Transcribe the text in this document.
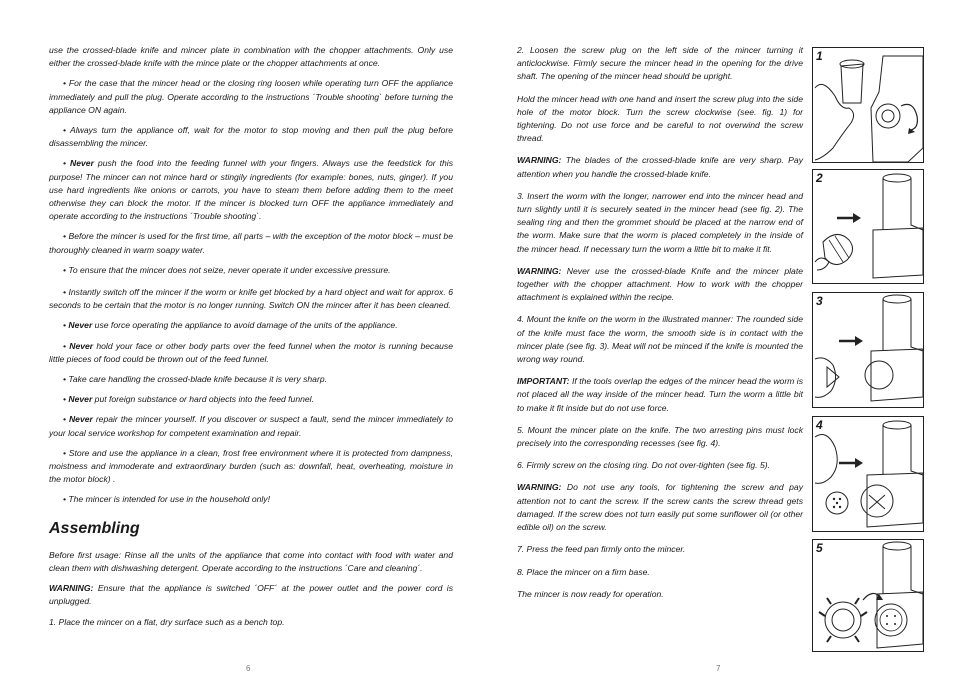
use the crossed-blade knife and mincer plate in combination with the chopper attachments. Only use either the crossed-blade knife with the mince plate or the chopper attachments at once.

• For the case that the mincer head or the closing ring loosen while operating turn OFF the appliance immediately and pull the plug. Operate according to the instructions ´Trouble shooting` before turning the appliance ON again.

• Always turn the appliance off, wait for the motor to stop moving and then pull the plug before disassembling the mincer.

• Never push the food into the feeding funnel with your fingers. Always use the feedstick for this purpose! The mincer can not mince hard or stingily ingredients (for example: bones, nuts, ginger). If you use hard ingredients like onions or carrots, you have to steam them before adding them to the meet otherwise they can block the motor. If the mincer is blocked turn OFF the appliance immediately and operate according to the instructions ´Trouble shooting`.

• Before the mincer is used for the first time, all parts – with the exception of the motor block – must be thoroughly cleaned in warm soapy water.

• To ensure that the mincer does not seize, never operate it under excessive pressure.

• Instantly switch off the mincer if the worm or knife get blocked by a hard object and wait for approx. 6 seconds to be certain that the motor is no longer running. Switch ON the mincer after it has been cleaned.

• Never use force operating the appliance to avoid damage of the units of the appliance.

• Never hold your face or other body parts over the feed funnel when the motor is running because little pieces of food could be thrown out of the feed funnel.

• Take care handling the crossed-blade knife because it is very sharp.

• Never put foreign substance or hard objects into the feed funnel.

• Never repair the mincer yourself. If you discover or suspect a fault, send the mincer immediately to your local service workshop for competent examination and repair.

• Store and use the appliance in a clean, frost free environment where it is protected from dampness, moistness and immoderate and extraordinary burden (such as: downfall, heat, overheating, moisture in the motor block) .

• The mincer is intended for use in the household only!

Assembling

Before first usage: Rinse all the units of the appliance that come into contact with food with water and clean them with dishwashing detergent. Operate according to the instructions ´Care and cleaning´.

WARNING: Ensure that the appliance is switched ´OFF´ at the power outlet and the power cord is unplugged.

1. Place the mincer on a flat, dry surface such as a bench top.

6

2. Loosen the screw plug on the left side of the mincer turning it anticlockwise. Firmly secure the mincer head in the opening for the drive shaft. The opening of the mincer head should be upright.

Hold the mincer head with one hand and insert the screw plug into the side hole of the motor block. Turn the screw clockwise (see. fig. 1) for tightening. Do not use force and be careful to not overwind the screw thread.

WARNING: The blades of the crossed-blade knife are very sharp. Pay attention when you handle the crossed-blade knife.

3. Insert the worm with the longer, narrower end into the mincer head and turn slightly until it is securely seated in the mincer head (see fig. 2). The sealing ring and then the grommet should be placed at the narrow end of the worm. Make sure that the worm is placed completely in the inside of the mincer head. If necessary turn the worm a little bit to make it fit.

WARNING: Never use the crossed-blade Knife and the mincer plate together with the chopper attachment. How to work with the chopper attachment is explained within the recipe.

4. Mount the knife on the worm in the illustrated manner: The rounded side of the knife must face the worm, the smooth side is in contact with the mincer plate (see fig. 3). Meat will not be minced if the knife is mounted the wrong way round.

IMPORTANT: If the tools overlap the edges of the mincer head the worm is not placed all the way inside of the mincer head. Turn the worm a little bit to make it fit inside but do not use force.

5. Mount the mincer plate on the knife. The two arresting pins must lock precisely into the corresponding recesses (see fig. 4).

6. Firmly screw on the closing ring. Do not over-tighten (see fig. 5).

WARNING: Do not use any tools, for tightening the screw and pay attention not to cant the screw. If the screw cants the screw thread gets damaged. If the screw does not turn easily put some sunflower oil (or other edible oil) on the screw.

7. Press the feed pan firmly onto the mincer.

8. Place the mincer on a firm base.

The mincer is now ready for operation.

1
2
3
4
5
7
